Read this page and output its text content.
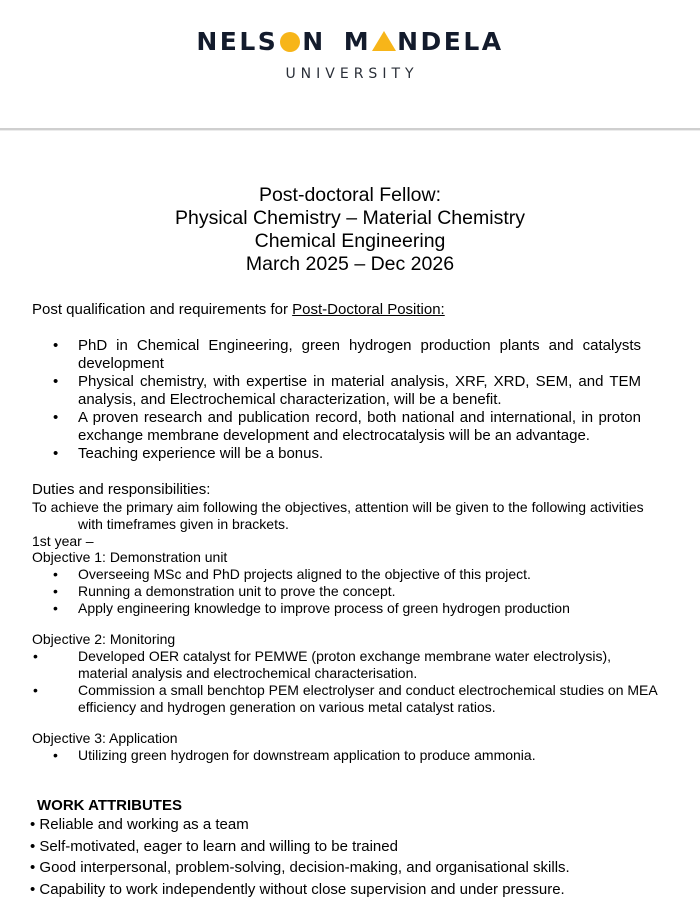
NELS N M NDELA
UNIVERSITY
Post-doctoral Fellow:
Physical Chemistry – Material Chemistry
Chemical Engineering
March 2025 – Dec 2026
Post qualification and requirements for Post-Doctoral Position:
• PhD in Chemical Engineering, green hydrogen production plants and catalysts development
• Physical chemistry, with expertise in material analysis, XRF, XRD, SEM, and TEM analysis, and Electrochemical characterization, will be a benefit.
• A proven research and publication record, both national and international, in proton exchange membrane development and electrocatalysis will be an advantage.
• Teaching experience will be a bonus.
Duties and responsibilities:
To achieve the primary aim following the objectives, attention will be given to the following activities
with timeframes given in brackets.
1st year –
Objective 1: Demonstration unit
• Overseeing MSc and PhD projects aligned to the objective of this project.
• Running a demonstration unit to prove the concept.
• Apply engineering knowledge to improve process of green hydrogen production
Objective 2: Monitoring
•	Developed OER catalyst for PEMWE (proton exchange membrane water electrolysis),
material analysis and electrochemical characterisation.
•	Commission a small benchtop PEM electrolyser and conduct electrochemical studies on MEA
efficiency and hydrogen generation on various metal catalyst ratios.
Objective 3: Application
• Utilizing green hydrogen for downstream application to produce ammonia.
WORK ATTRIBUTES
• Reliable and working as a team
• Self-motivated, eager to learn and willing to be trained
• Good interpersonal, problem-solving, decision-making, and organisational skills.
• Capability to work independently without close supervision and under pressure.
